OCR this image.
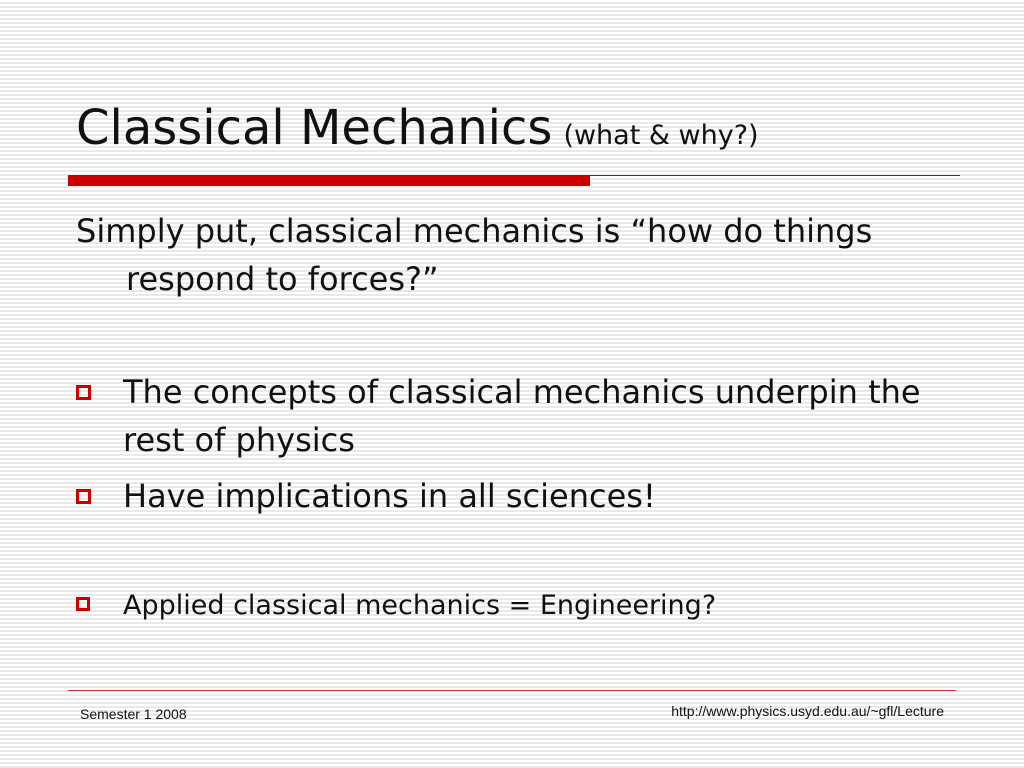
Classical Mechanics (what & why?)
Simply put, classical mechanics is “how do things respond to forces?”
The concepts of classical mechanics underpin the rest of physics
Have implications in all sciences!
Applied classical mechanics = Engineering?
Semester 1 2008	http://www.physics.usyd.edu.au/~gfl/Lecture
